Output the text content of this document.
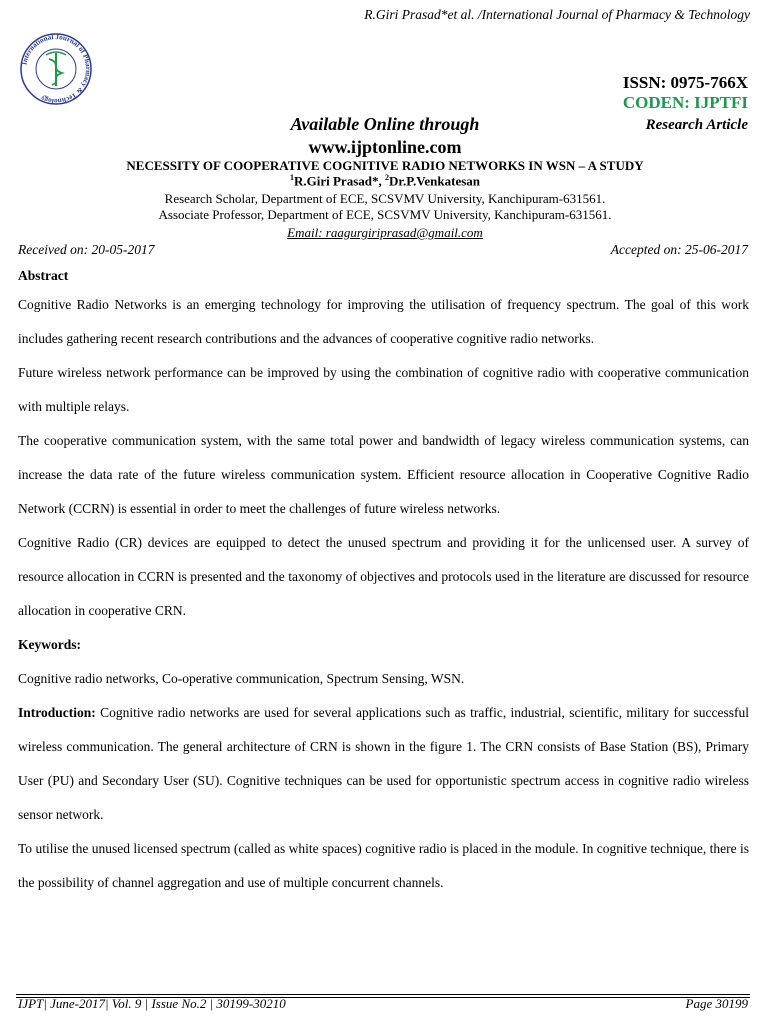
R.Giri Prasad*et al. /International Journal of Pharmacy & Technology
International Journal of Pharmacy & Technology
ISSN: 0975-766X
CODEN: IJPTFI
Available Online through	Research Article
www.ijptonline.com
NECESSITY OF COOPERATIVE COGNITIVE RADIO NETWORKS IN WSN – A STUDY
$^1$R.Giri Prasad*, $^2$Dr.P.Venkatesan
Research Scholar, Department of ECE, SCSVMV University, Kanchipuram-631561.
Associate Professor, Department of ECE, SCSVMV University, Kanchipuram-631561.
Email: raagurgiriprasad@gmail.com
Received on: 20-05-2017	Accepted on: 25-06-2017

Abstract

Cognitive Radio Networks is an emerging technology for improving the utilisation of frequency spectrum. The goal of this work includes gathering recent research contributions and the advances of cooperative cognitive radio networks.

Future wireless network performance can be improved by using the combination of cognitive radio with cooperative communication with multiple relays.

The cooperative communication system, with the same total power and bandwidth of legacy wireless communication systems, can increase the data rate of the future wireless communication system. Efficient resource allocation in Cooperative Cognitive Radio Network (CCRN) is essential in order to meet the challenges of future wireless networks.

Cognitive Radio (CR) devices are equipped to detect the unused spectrum and providing it for the unlicensed user. A survey of resource allocation in CCRN is presented and the taxonomy of objectives and protocols used in the literature are discussed for resource allocation in cooperative CRN.

Keywords:

Cognitive radio networks, Co-operative communication, Spectrum Sensing, WSN.

Introduction: Cognitive radio networks are used for several applications such as traffic, industrial, scientific, military for successful wireless communication. The general architecture of CRN is shown in the figure 1. The CRN consists of Base Station (BS), Primary User (PU) and Secondary User (SU). Cognitive techniques can be used for opportunistic spectrum access in cognitive radio wireless sensor network.

To utilise the unused licensed spectrum (called as white spaces) cognitive radio is placed in the module. In cognitive technique, there is the possibility of channel aggregation and use of multiple concurrent channels.

IJPT| June-2017| Vol. 9 | Issue No.2 | 30199-30210	Page 30199
